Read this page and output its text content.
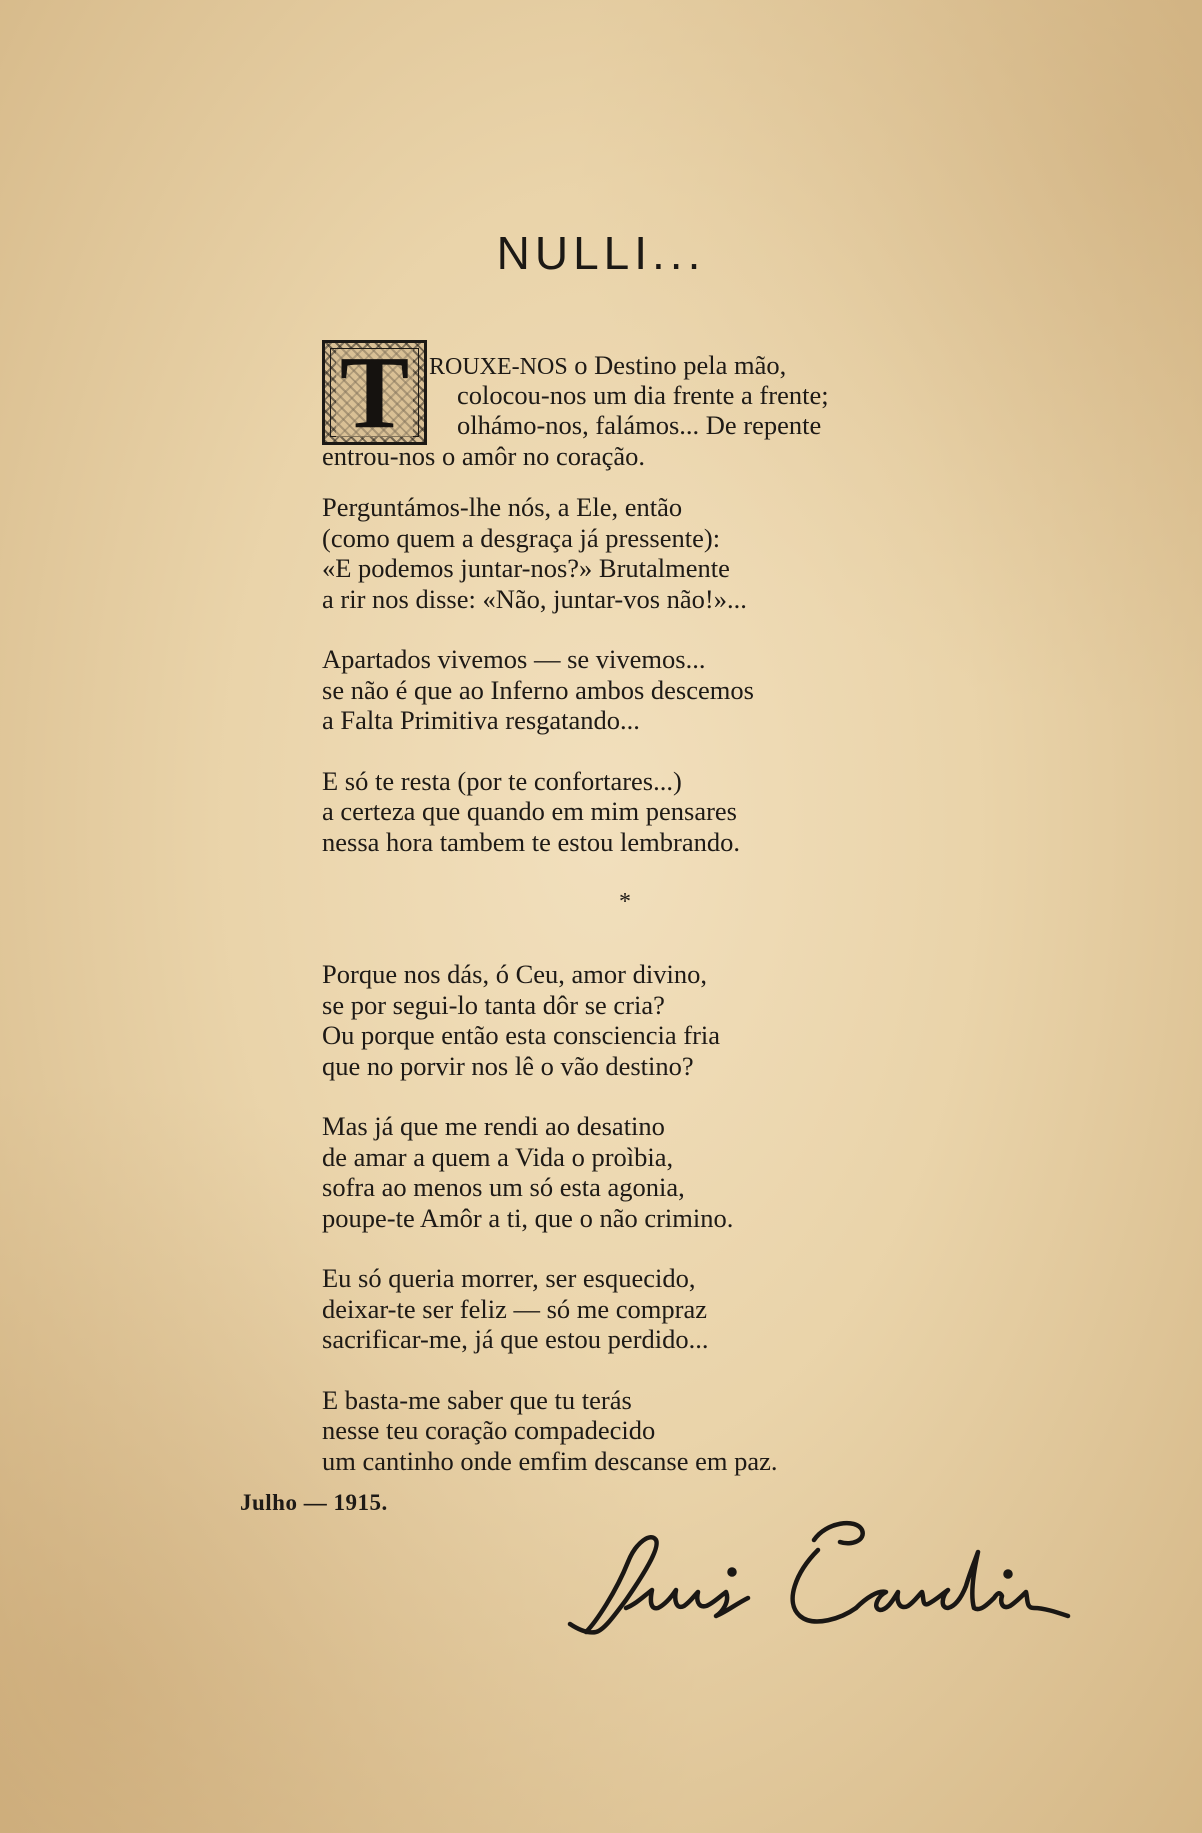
NULLI...
T ROUXE-NOS o Destino pela mão,
colocou-nos um dia frente a frente;
olhámo-nos, falámos... De repente
entrou-nos o amôr no coração.
Perguntámos-lhe nós, a Ele, então
(como quem a desgraça já pressente):
«E podemos juntar-nos?» Brutalmente
a rir nos disse: «Não, juntar-vos não!»...
Apartados vivemos — se vivemos...
se não é que ao Inferno ambos descemos
a Falta Primitiva resgatando...
E só te resta (por te confortares...)
a certeza que quando em mim pensares
nessa hora tambem te estou lembrando.
*
Porque nos dás, ó Ceu, amor divino,
se por segui-lo tanta dôr se cria?
Ou porque então esta consciencia fria
que no porvir nos lê o vão destino?
Mas já que me rendi ao desatino
de amar a quem a Vida o proìbia,
sofra ao menos um só esta agonia,
poupe-te Amôr a ti, que o não crimino.
Eu só queria morrer, ser esquecido,
deixar-te ser feliz — só me compraz
sacrificar-me, já que estou perdido...
E basta-me saber que tu terás
nesse teu coração compadecido
um cantinho onde emfim descanse em paz.
Julho — 1915.
